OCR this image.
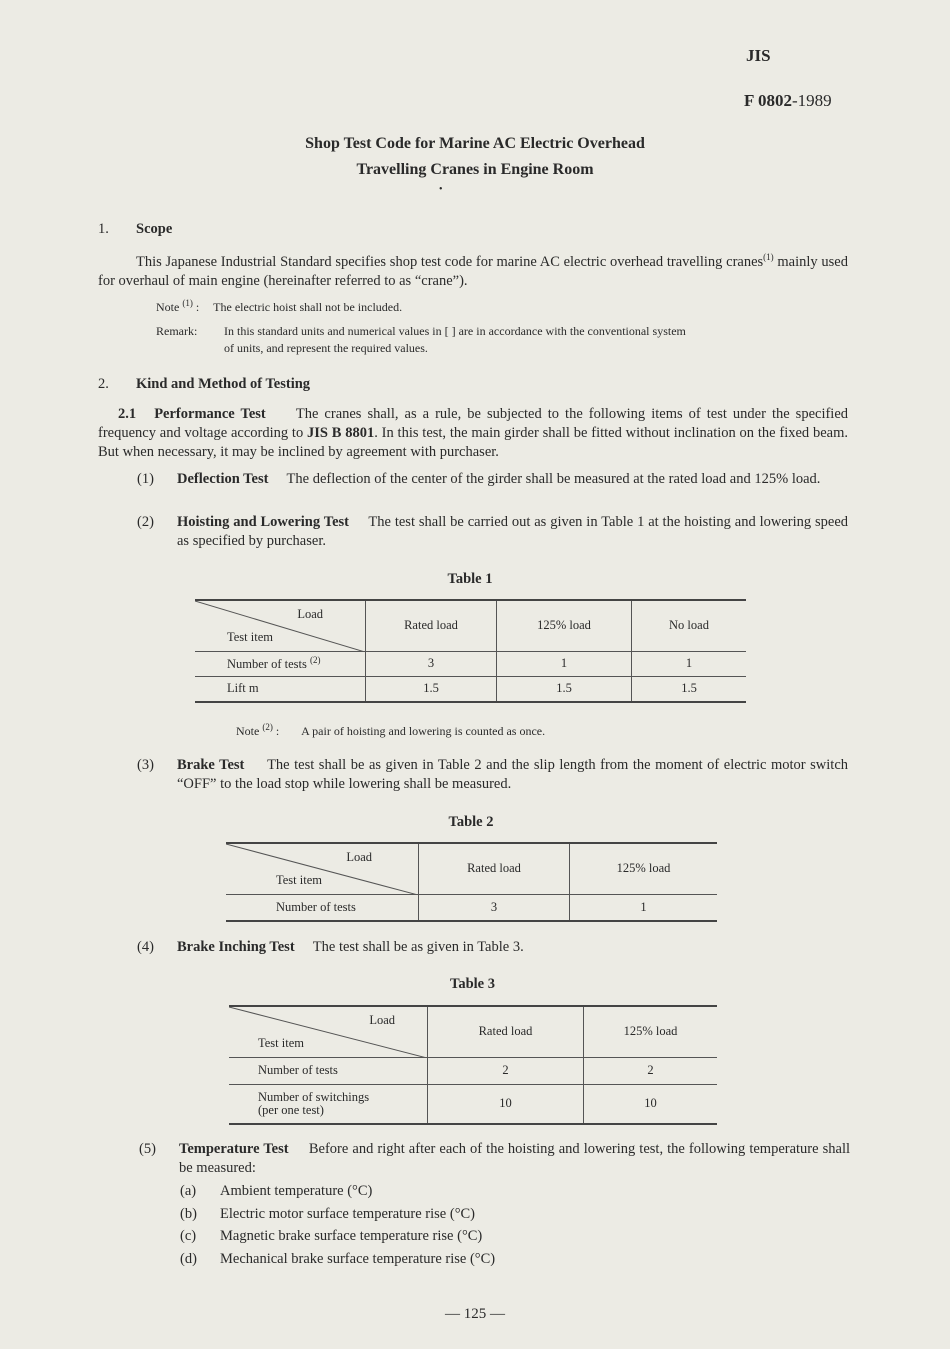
JIS
F 0802-1989
Shop Test Code for Marine AC Electric Overhead
Travelling Cranes in Engine Room
•
1. Scope
This Japanese Industrial Standard specifies shop test code for marine AC electric overhead travelling cranes$^{(1)}$ mainly used for overhaul of main engine (hereinafter referred to as “crane”).
Note $^{(1)}$ : The electric hoist shall not be included.
Remark: In this standard units and numerical values in [ ] are in accordance with the conventional system
of units, and represent the required values.
2. Kind and Method of Testing
2.1 Performance Test The cranes shall, as a rule, be subjected to the following items of test under the specified frequency and voltage according to JIS B 8801. In this test, the main girder shall be fitted without inclination on the fixed beam. But when necessary, it may be inclined by agreement with purchaser.
(1) Deflection Test The deflection of the center of the girder shall be measured at the rated load and 125% load.
(2) Hoisting and Lowering Test The test shall be carried out as given in Table 1 at the hoisting and lowering speed as specified by purchaser.
Table 1
Load
Test item	Rated load	125% load	No load
Number of tests $^{(2)}$	3	1	1
Lift m	1.5	1.5	1.5
Note $^{(2)}$ : A pair of hoisting and lowering is counted as once.
(3) Brake Test The test shall be as given in Table 2 and the slip length from the moment of electric motor switch “OFF” to the load stop while lowering shall be measured.
Table 2
Load
Test item	Rated load	125% load
Number of tests	3	1
(4) Brake Inching Test The test shall be as given in Table 3.
Table 3
Load
Test item	Rated load	125% load
Number of tests	2	2

Number of switchings
(per one test)	10	10
(5) Temperature Test Before and right after each of the hoisting and lowering test, the following temperature shall be measured:
(a) Ambient temperature (°C)
(b) Electric motor surface temperature rise (°C)
(c) Magnetic brake surface temperature rise (°C)
(d) Mechanical brake surface temperature rise (°C)
— 125 —
